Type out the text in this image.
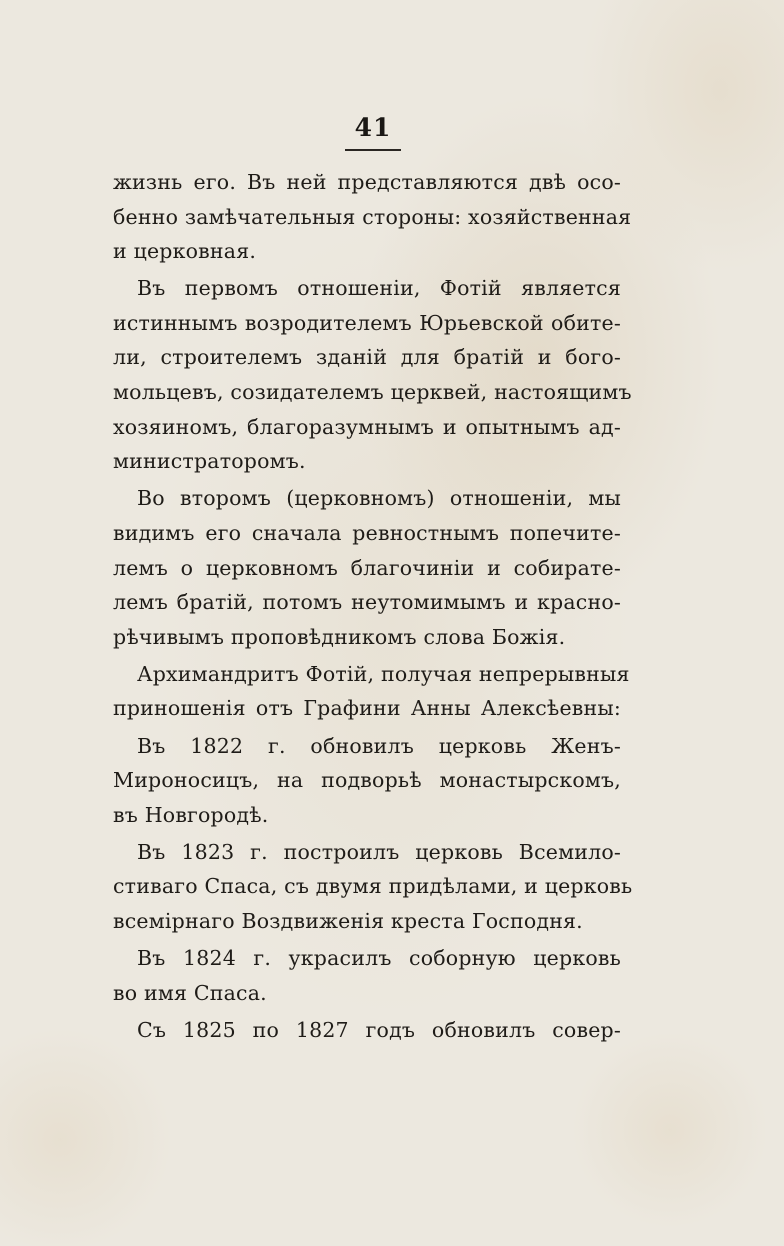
41
жизнь его. Въ ней представляются двѣ осо-
бенно замѣчательныя стороны: хозяйственная
и церковная.
Въ первомъ отношеніи, Фотій является
истиннымъ возродителемъ Юрьевской обите-
ли, строителемъ зданій для братій и бого-
мольцевъ, созидателемъ церквей, настоящимъ
хозяиномъ, благоразумнымъ и опытнымъ ад-
министраторомъ.
Во второмъ (церковномъ) отношеніи, мы
видимъ его сначала ревностнымъ попечите-
лемъ о церковномъ благочиніи и собирате-
лемъ братій, потомъ неутомимымъ и красно-
рѣчивымъ проповѣдникомъ слова Божія.
Архимандритъ Фотій, получая непрерывныя
приношенія отъ Графини Анны Алексѣевны:
Въ 1822 г. обновилъ церковь Женъ-
Мироносицъ, на подворьѣ монастырскомъ,
въ Новгородѣ.
Въ 1823 г. построилъ церковь Всемило-
стиваго Спаса, съ двумя придѣлами, и церковь
всемірнаго Воздвиженія креста Господня.
Въ 1824 г. украсилъ соборную церковь
во имя Спаса.
Съ 1825 по 1827 годъ обновилъ совер-
